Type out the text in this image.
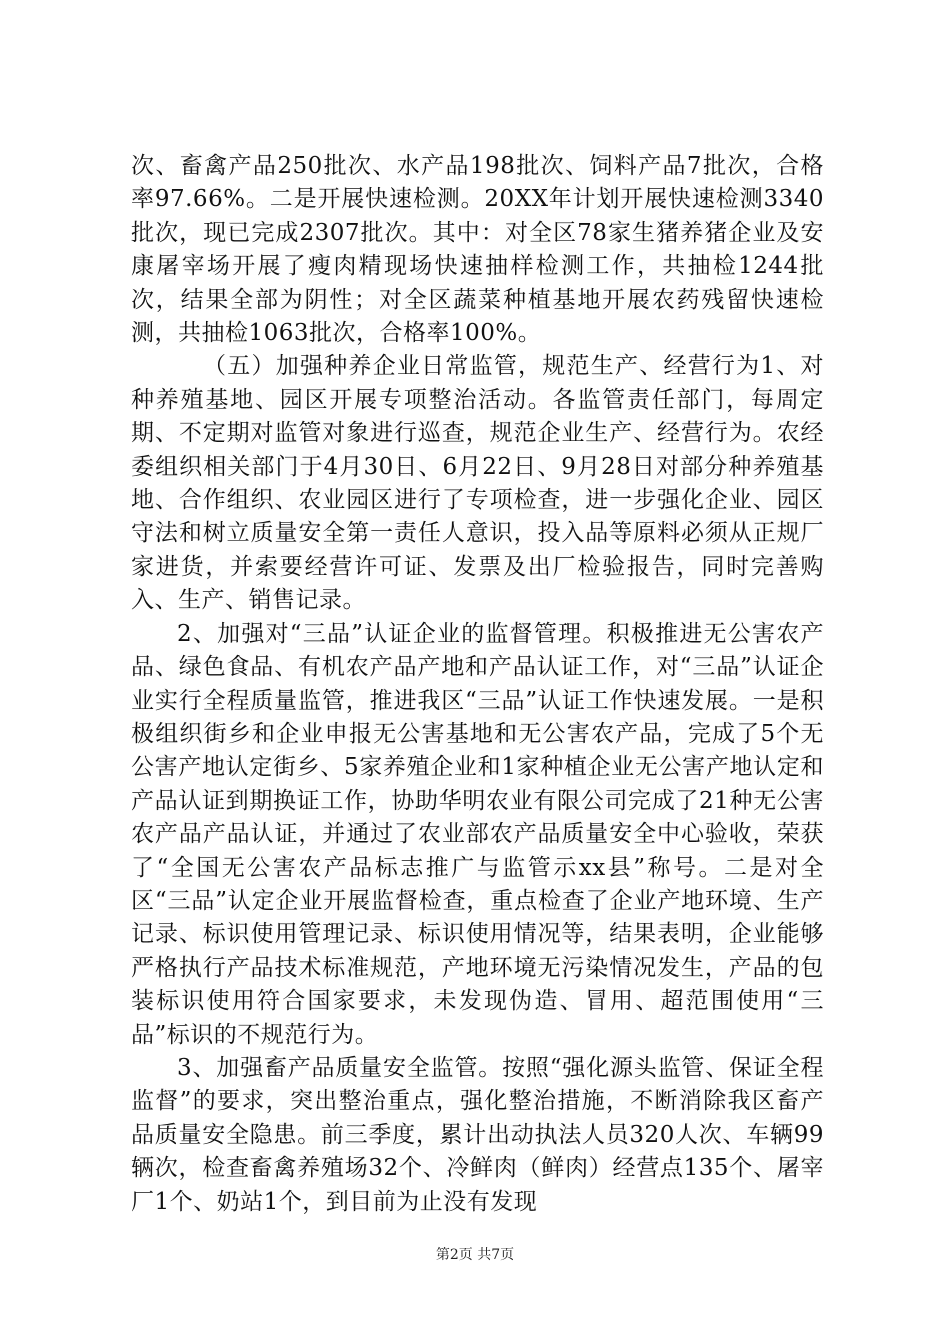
次、畜禽产品250批次、水产品198批次、饲料产品7批次，合格率97.66%。二是开展快速检测。20XX年计划开展快速检测3340批次，现已完成2307批次。其中：对全区78家生猪养猪企业及安康屠宰场开展了瘦肉精现场快速抽样检测工作，共抽检1244批次，结果全部为阴性；对全区蔬菜种植基地开展农药残留快速检测，共抽检1063批次，合格率100%。

（五）加强种养企业日常监管，规范生产、经营行为1、对种养殖基地、园区开展专项整治活动。各监管责任部门，每周定期、不定期对监管对象进行巡查，规范企业生产、经营行为。农经委组织相关部门于4月30日、6月22日、9月28日对部分种养殖基地、合作组织、农业园区进行了专项检查，进一步强化企业、园区守法和树立质量安全第一责任人意识，投入品等原料必须从正规厂家进货，并索要经营许可证、发票及出厂检验报告，同时完善购入、生产、销售记录。

2、加强对“三品”认证企业的监督管理。积极推进无公害农产品、绿色食品、有机农产品产地和产品认证工作，对“三品”认证企业实行全程质量监管，推进我区“三品”认证工作快速发展。一是积极组织街乡和企业申报无公害基地和无公害农产品，完成了5个无公害产地认定街乡、5家养殖企业和1家种植企业无公害产地认定和产品认证到期换证工作，协助华明农业有限公司完成了21种无公害农产品产品认证，并通过了农业部农产品质量安全中心验收，荣获了“全国无公害农产品标志推广与监管示xx县”称号。二是对全区“三品”认定企业开展监督检查，重点检查了企业产地环境、生产记录、标识使用管理记录、标识使用情况等，结果表明，企业能够严格执行产品技术标准规范，产地环境无污染情况发生，产品的包装标识使用符合国家要求，未发现伪造、冒用、超范围使用“三品”标识的不规范行为。

3、加强畜产品质量安全监管。按照“强化源头监管、保证全程监督”的要求，突出整治重点，强化整治措施，不断消除我区畜产品质量安全隐患。前三季度，累计出动执法人员320人次、车辆99辆次，检查畜禽养殖场32个、冷鲜肉（鲜肉）经营点135个、屠宰厂1个、奶站1个，到目前为止没有发现

第2页 共7页
